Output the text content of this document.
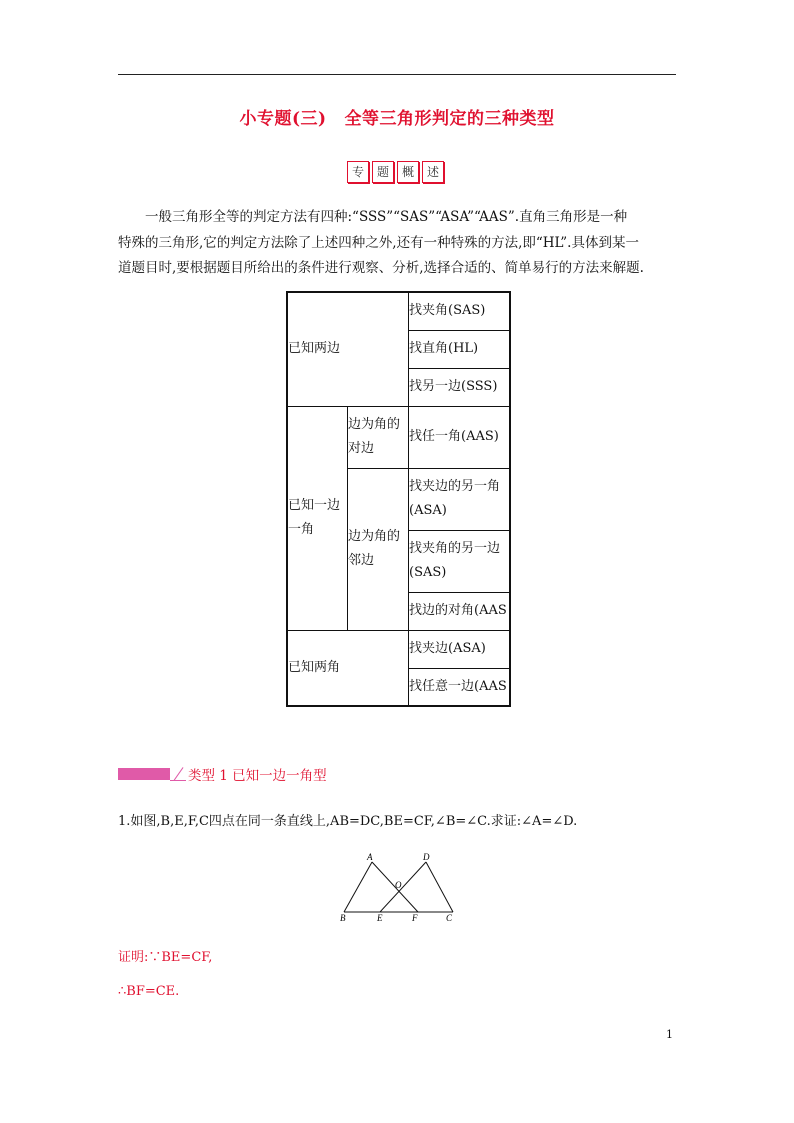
小专题(三) 全等三角形判定的三种类型
专	题	概	述

一般三角形全等的判定方法有四种:“SSS”“SAS”“ASA”“AAS”.直角三角形是一种

特殊的三角形,它的判定方法除了上述四种之外,还有一种特殊的方法,即“HL”.具体到某一
道题目时,要根据题目所给出的条件进行观察、分析,选择合适的、简单易行的方法来解题.
已知两边		找夹角(SAS)
		找直角(HL)
		找另一边(SSS)
已知一边一角	边为角的对边	找任一角(AAS)
	边为角的邻边	找夹边的另一角(ASA)
		找夹角的另一边(SAS)
		找边的对角(AAS
已知两角		找夹边(ASA)
		找任意一边(AAS
类型 1 已知一边一角型
1.如图,B,E,F,C四点在同一条直线上,AB=DC,BE=CF,∠B=∠C.求证:∠A=∠D.
A	D
O
B	E	F	C
证明:∵BE=CF,
∴BF=CE.
1
